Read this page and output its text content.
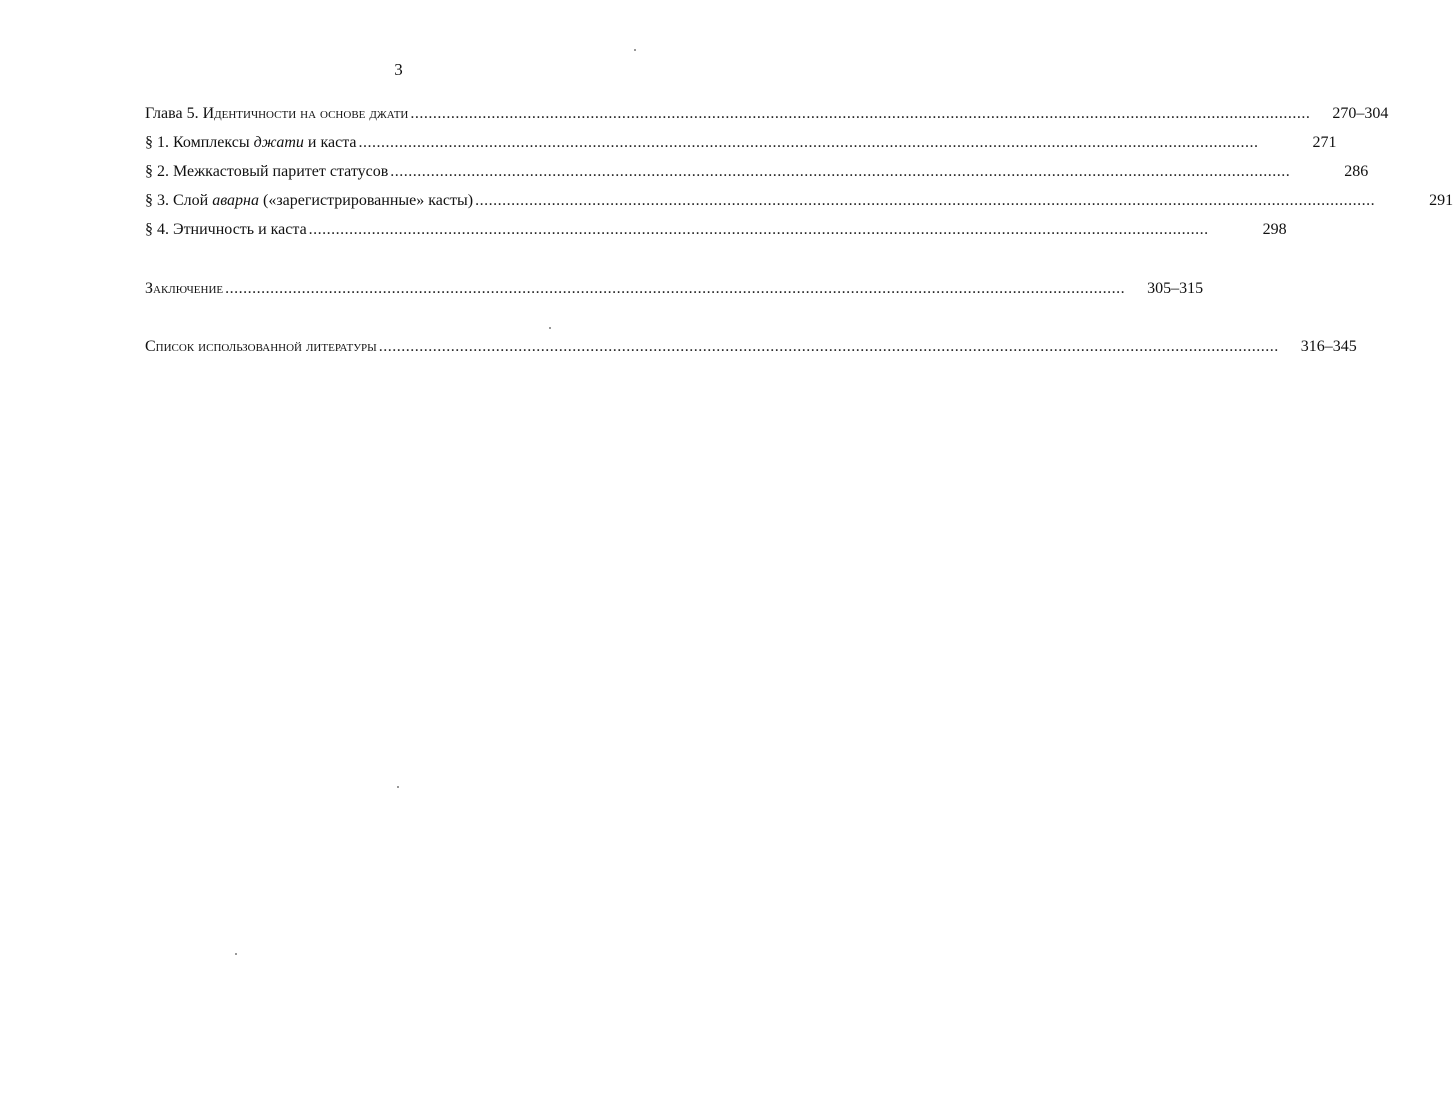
3
Глава 5. Идентичности на основе джати ........................................................................................................................................................................................................	270–304
§ 1. Комплексы джати и каста ........................................................................................................................................................................................................	271
§ 2. Межкастовый паритет статусов ........................................................................................................................................................................................................	286
§ 3. Слой аварна («зарегистрированные» касты) ........................................................................................................................................................................................................	291
§ 4. Этничность и каста ........................................................................................................................................................................................................	298
Заключение ........................................................................................................................................................................................................	305–315
Список использованной литературы ........................................................................................................................................................................................................	316–345
